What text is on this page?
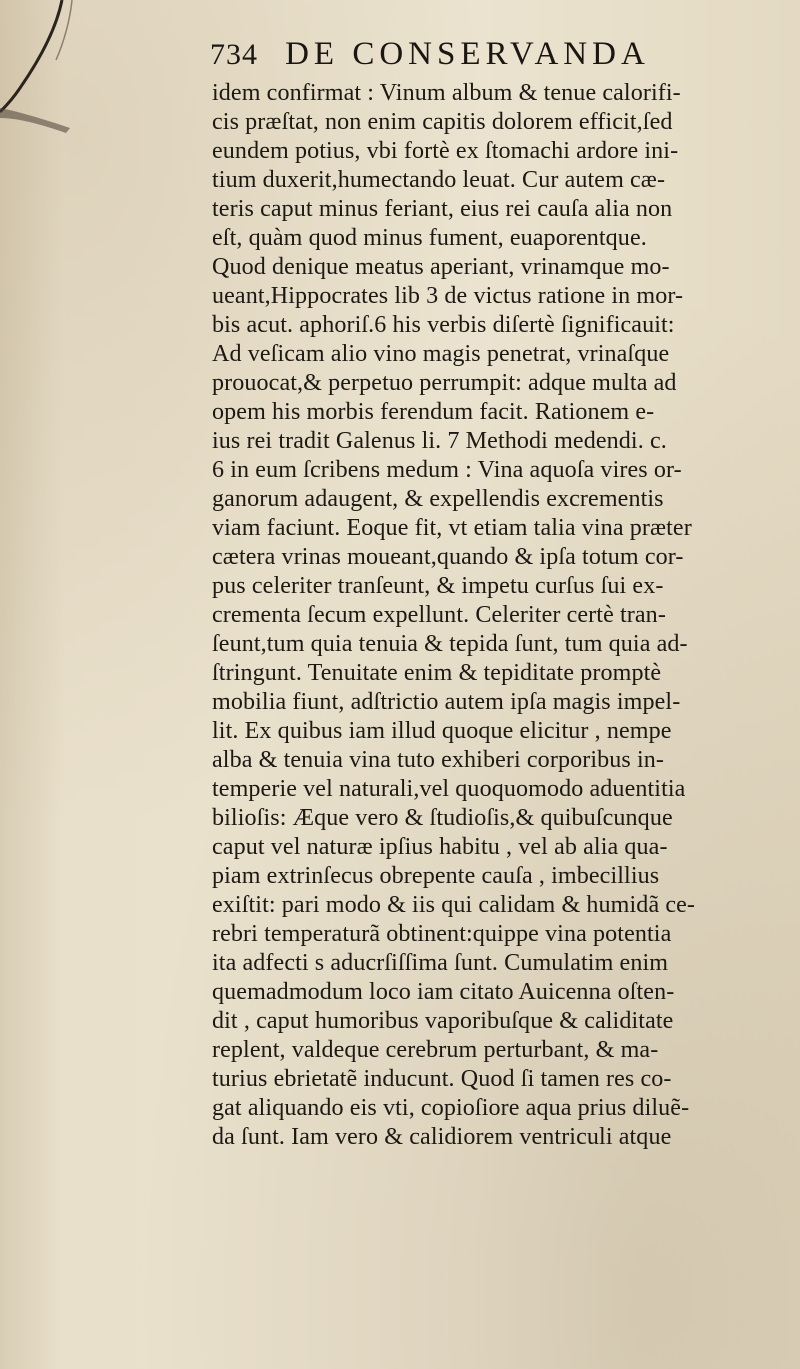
734 DE CONSERVANDA
idem confirmat : Vinum album & tenue calorifi-
cis præſtat, non enim capitis dolorem efficit,ſed
eundem potius, vbi fortè ex ſtomachi ardore ini-
tium duxerit,humectando leuat. Cur autem cæ-
teris caput minus feriant, eius rei cauſa alia non
eſt, quàm quod minus fument, euaporentque.
Quod denique meatus aperiant, vrinamque mo-
ueant,Hippocrates lib 3 de victus ratione in mor-
bis acut. aphoriſ.6 his verbis diſertè ſignificauit:
Ad veſicam alio vino magis penetrat, vrinaſque
prouocat,& perpetuo perrumpit: adque multa ad
opem his morbis ferendum facit. Rationem e-
ius rei tradit Galenus li. 7 Methodi medendi. c.
6 in eum ſcribens medum : Vina aquoſa vires or-
ganorum adaugent, & expellendis excrementis
viam faciunt. Eoque fit, vt etiam talia vina præter
cætera vrinas moueant,quando & ipſa totum cor-
pus celeriter tranſeunt, & impetu curſus ſui ex-
crementa ſecum expellunt. Celeriter certè tran-
ſeunt,tum quia tenuia & tepida ſunt, tum quia ad-
ſtringunt. Tenuitate enim & tepiditate promptè
mobilia fiunt, adſtrictio autem ipſa magis impel-
lit. Ex quibus iam illud quoque elicitur , nempe
alba & tenuia vina tuto exhiberi corporibus in-
temperie vel naturali,vel quoquomodo aduentitia
bilioſis: Æque vero & ſtudioſis,& quibuſcunque
caput vel naturæ ipſius habitu , vel ab alia qua-
piam extrinſecus obrepente cauſa , imbecillius
exiſtit: pari modo & iis qui calidam & humidã ce-
rebri temperaturã obtinent:quippe vina potentia
ita adfecti s aducrſiſſima ſunt. Cumulatim enim
quemadmodum loco iam citato Auicenna oſten-
dit , caput humoribus vaporibuſque & caliditate
replent, valdeque cerebrum perturbant, & ma-
turius ebrietatẽ inducunt. Quod ſi tamen res co-
gat aliquando eis vti, copioſiore aqua prius diluẽ-
da ſunt. Iam vero & calidiorem ventriculi atque
